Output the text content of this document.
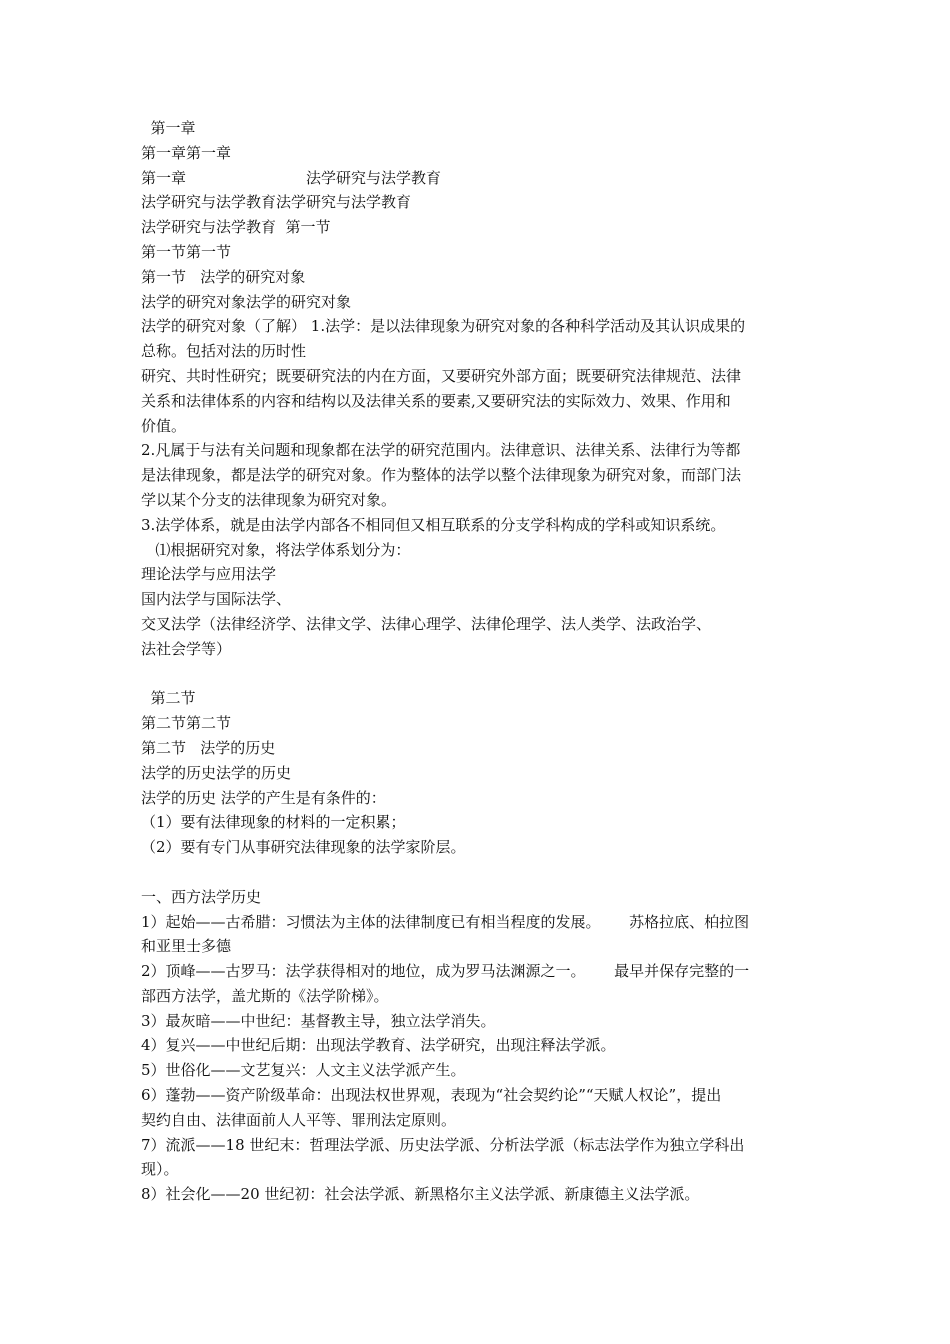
第一章

第一章第一章

第一章	法学研究与法学教育

法学研究与法学教育法学研究与法学教育

法学研究与法学教育  第一节

第一节第一节

第一节   法学的研究对象

法学的研究对象法学的研究对象

法学的研究对象（了解） 1.法学：是以法律现象为研究对象的各种科学活动及其认识成果的

总称。包括对法的历时性

研究、共时性研究；既要研究法的内在方面，又要研究外部方面；既要研究法律规范、法律

关系和法律体系的内容和结构以及法律关系的要素,又要研究法的实际效力、效果、作用和

价值。

2.凡属于与法有关问题和现象都在法学的研究范围内。法律意识、法律关系、法律行为等都

是法律现象，都是法学的研究对象。作为整体的法学以整个法律现象为研究对象，而部门法

学以某个分支的法律现象为研究对象。

3.法学体系，就是由法学内部各不相同但又相互联系的分支学科构成的学科或知识系统。

⑴根据研究对象，将法学体系划分为：

理论法学与应用法学

国内法学与国际法学、

交叉法学（法律经济学、法律文学、法律心理学、法律伦理学、法人类学、法政治学、

法社会学等）

第二节

第二节第二节

第二节   法学的历史

法学的历史法学的历史

法学的历史 法学的产生是有条件的：

（1）要有法律现象的材料的一定积累；

（2）要有专门从事研究法律现象的法学家阶层。

一、西方法学历史

1）起始——古希腊：习惯法为主体的法律制度已有相当程度的发展。      苏格拉底、柏拉图

和亚里士多德

2）顶峰——古罗马：法学获得相对的地位，成为罗马法渊源之一。      最早并保存完整的一

部西方法学，盖尤斯的《法学阶梯》。

3）最灰暗——中世纪：基督教主导，独立法学消失。

4）复兴——中世纪后期：出现法学教育、法学研究，出现注释法学派。

5）世俗化——文艺复兴：人文主义法学派产生。

6）蓬勃——资产阶级革命：出现法权世界观，表现为“社会契约论”“天赋人权论”，提出

契约自由、法律面前人人平等、罪刑法定原则。

7）流派——18 世纪末：哲理法学派、历史法学派、分析法学派（标志法学作为独立学科出

现）。

8）社会化——20 世纪初：社会法学派、新黑格尔主义法学派、新康德主义法学派。
